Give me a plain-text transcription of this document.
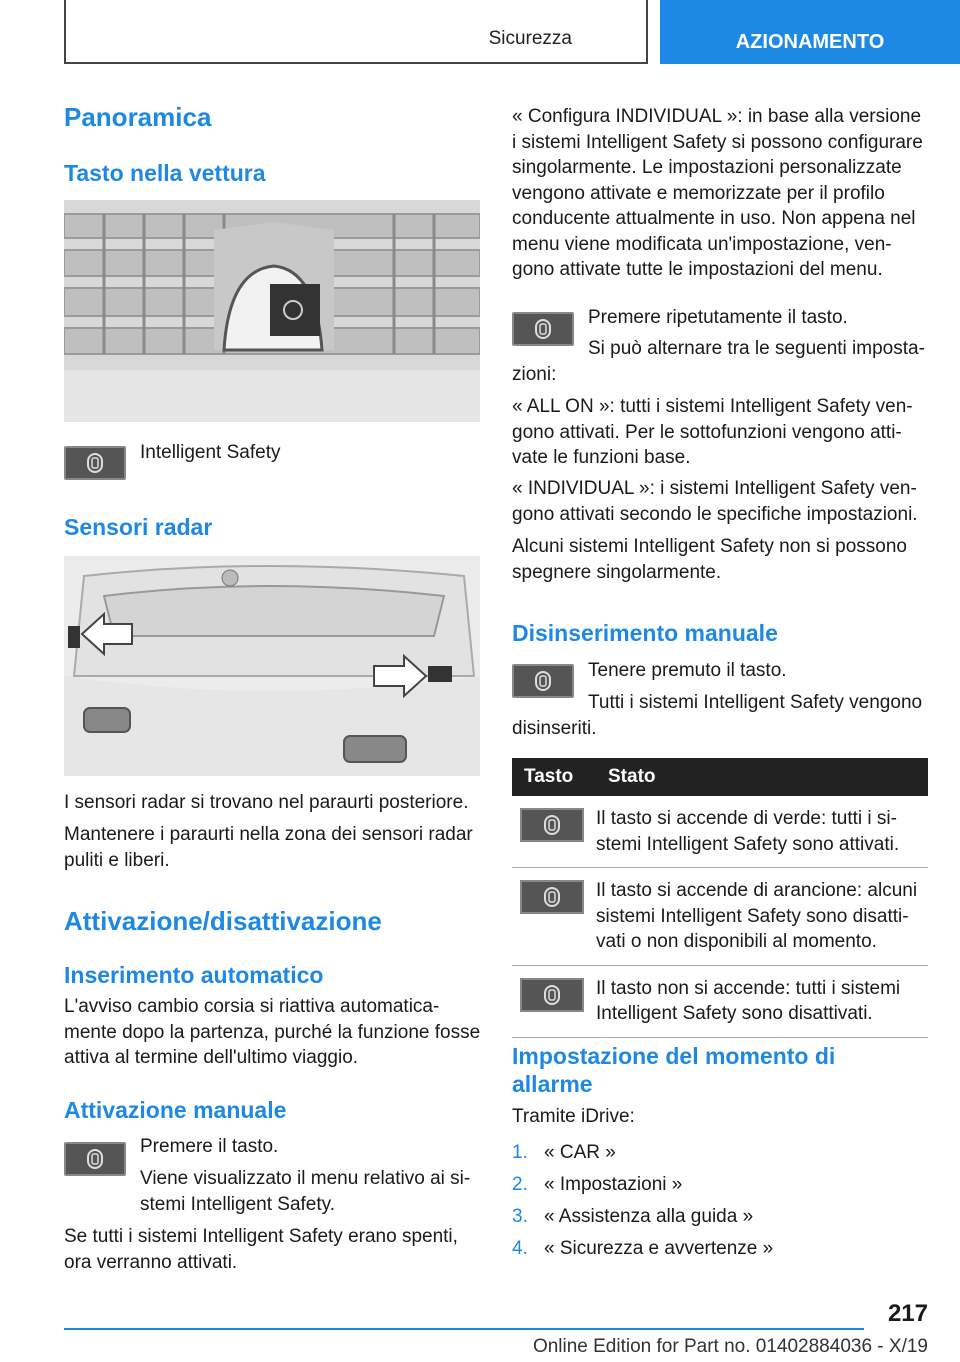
Sicurezza	AZIONAMENTO
Panoramica
Tasto nella vettura

Intelligent Safety

Sensori radar

I sensori radar si trovano nel paraurti posteriore.

Mantenere i paraurti nella zona dei sensori radar puliti e liberi.

Attivazione/disattivazione
Inserimento automatico

L'avviso cambio corsia si riattiva automatica-mente dopo la partenza, purché la funzione fosse attiva al termine dell'ultimo viaggio.

Attivazione manuale

Premere il tasto.

Viene visualizzato il menu relativo ai si-stemi Intelligent Safety.

Se tutti i sistemi Intelligent Safety erano spenti, ora verranno attivati.

« Configura INDIVIDUAL »: in base alla versione i sistemi Intelligent Safety si possono configurare singolarmente. Le impostazioni personalizzate vengono attivate e memorizzate per il profilo conducente attualmente in uso. Non appena nel menu viene modificata un'impostazione, ven-gono attivate tutte le impostazioni del menu.

Premere ripetutamente il tasto.

Si può alternare tra le seguenti imposta-zioni:

« ALL ON »: tutti i sistemi Intelligent Safety ven-gono attivati. Per le sottofunzioni vengono atti-vate le funzioni base.

« INDIVIDUAL »: i sistemi Intelligent Safety ven-gono attivati secondo le specifiche impostazioni.

Alcuni sistemi Intelligent Safety non si possono spegnere singolarmente.

Disinserimento manuale

Tenere premuto il tasto.

Tutti i sistemi Intelligent Safety vengono disinseriti.

Tasto	Stato

	Il tasto si accende di verde: tutti i si-stemi Intelligent Safety sono attivati.

	Il tasto si accende di arancione: alcuni sistemi Intelligent Safety sono disatti-vati o non disponibili al momento.

	Il tasto non si accende: tutti i sistemi Intelligent Safety sono disattivati.
Impostazione del momento di allarme

Tramite iDrive:

1. « CAR »
2. « Impostazioni »
3. « Assistenza alla guida »
4. « Sicurezza e avvertenze »
217
Online Edition for Part no. 01402884036 - X/19
